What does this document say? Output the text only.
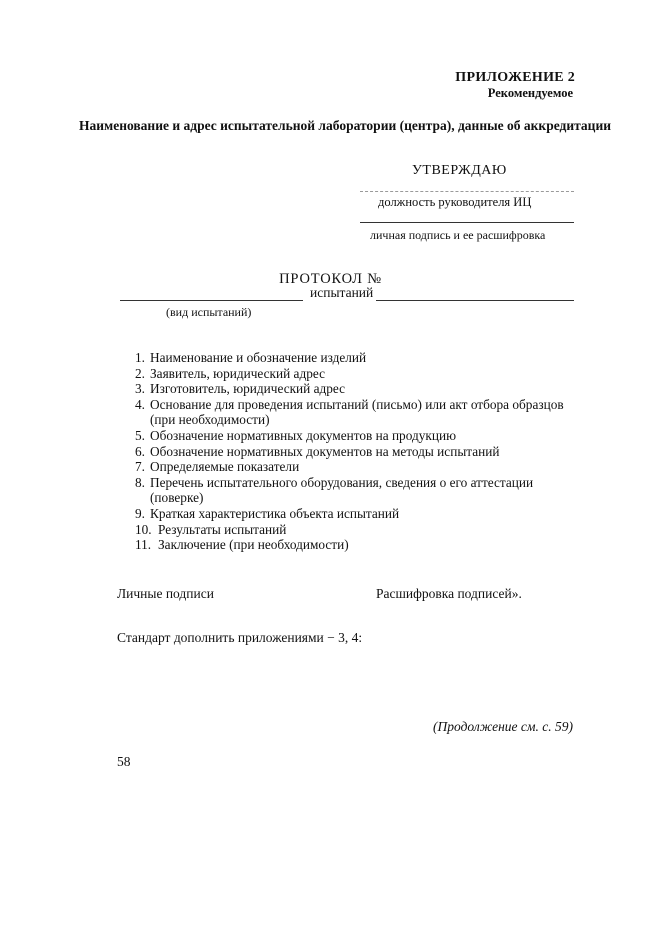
ПРИЛОЖЕНИЕ 2
Рекомендуемое
Наименование и адрес испытательной лаборатории (центра), данные об аккредитации
УТВЕРЖДАЮ
должность руководителя ИЦ
личная подпись и ее расшифровка
ПРОТОКОЛ №
испытаний
(вид испытаний)
1. Наименование и обозначение изделий
2. Заявитель, юридический адрес
3. Изготовитель, юридический адрес
4. Основание для проведения испытаний (письмо) или акт отбора образцов (при необходимости)
5. Обозначение нормативных документов на продукцию
6. Обозначение нормативных документов на методы испытаний
7. Определяемые показатели
8. Перечень испытательного оборудования, сведения о его аттестации (поверке)
9. Краткая характеристика объекта испытаний
10. Результаты испытаний
11. Заключение (при необходимости)
Личные подписи	Расшифровка подписей».
Стандарт дополнить приложениями − 3, 4:
(Продолжение см. с. 59)
58
